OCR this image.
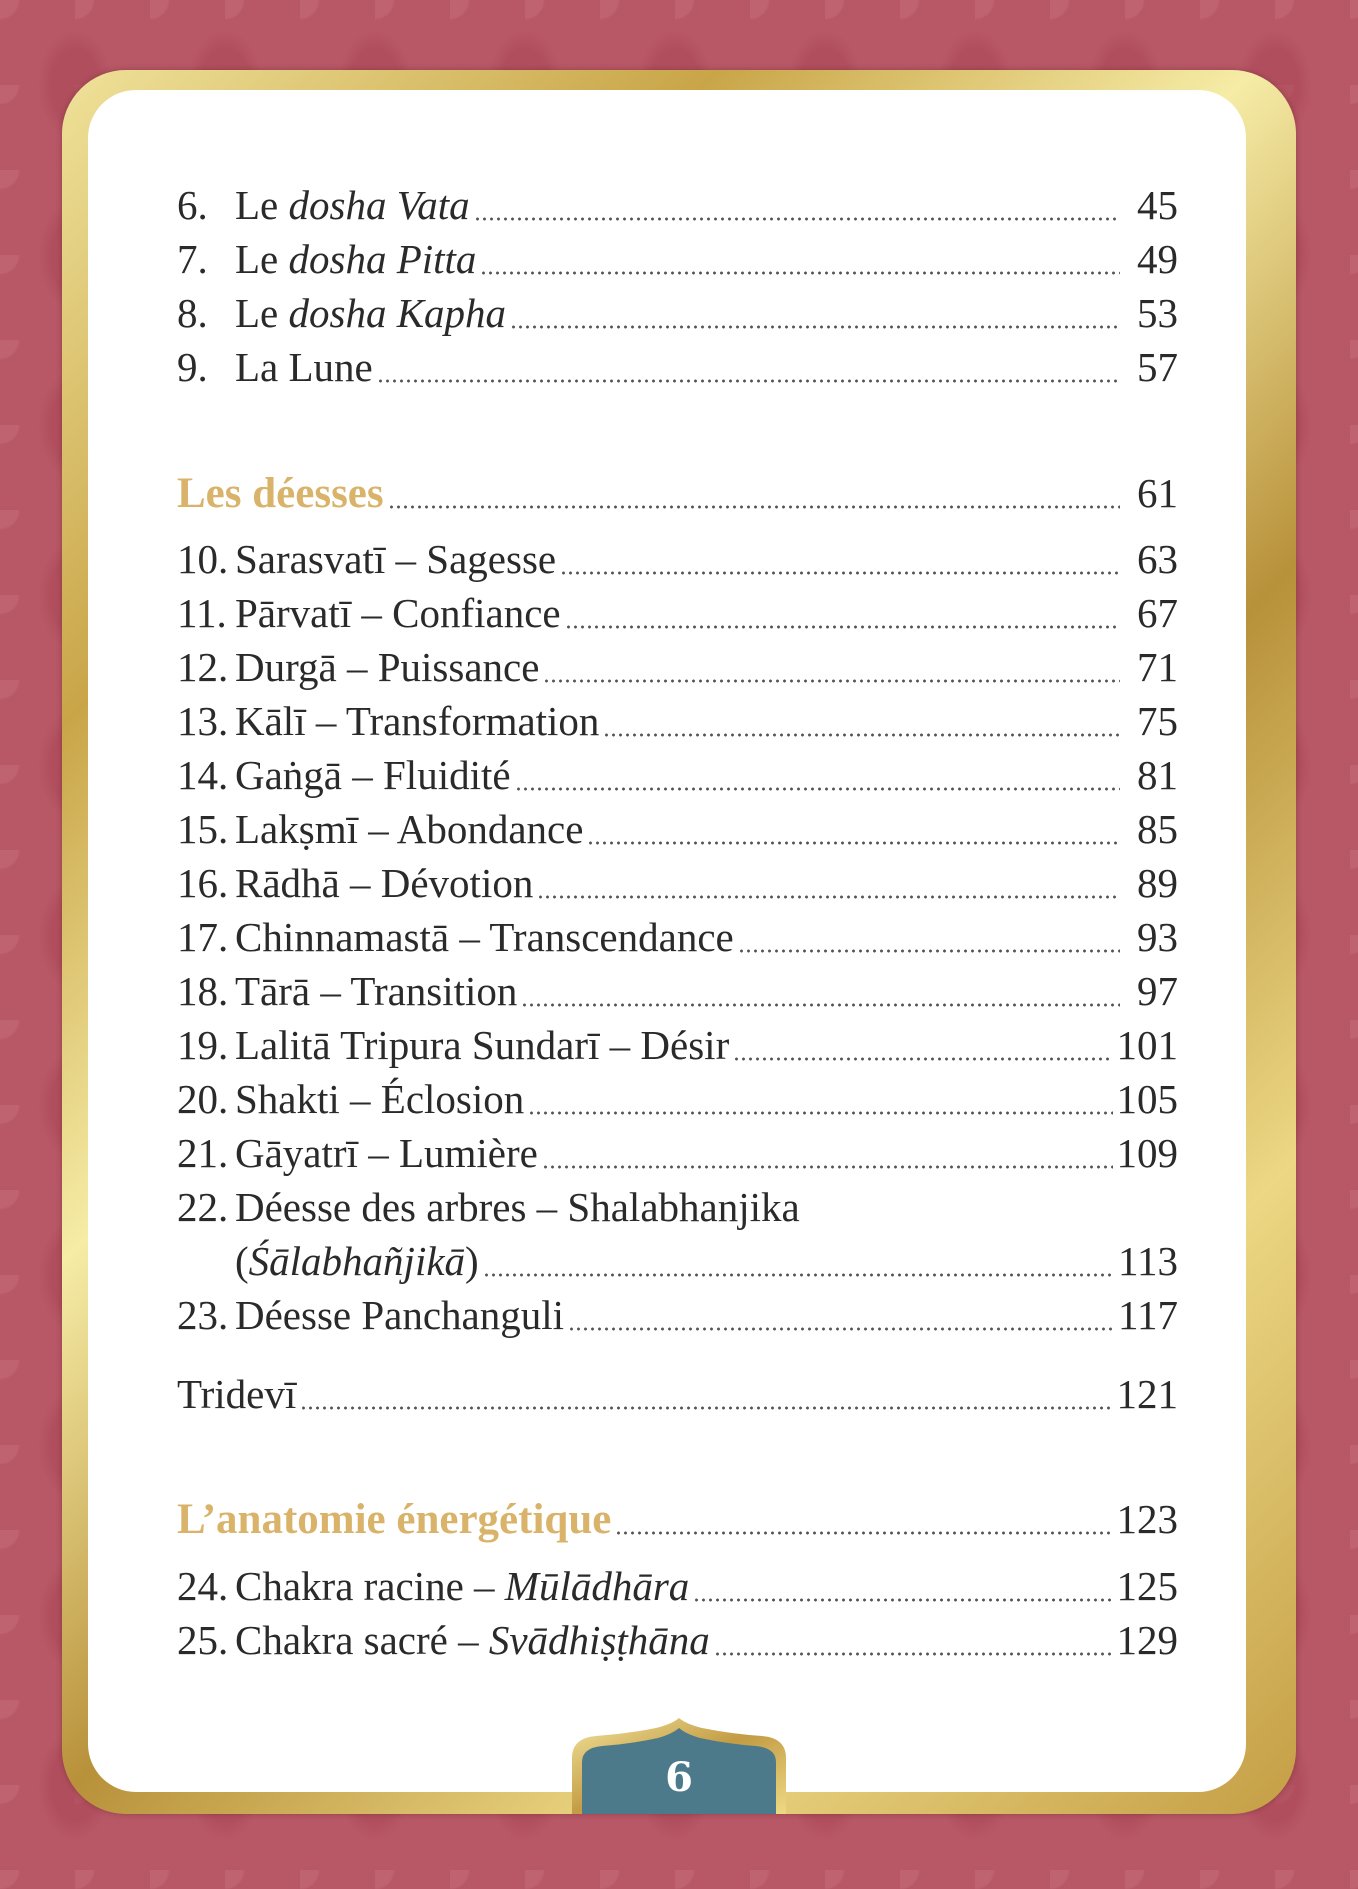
6. Le dosha Vata	45
7. Le dosha Pitta	49
8. Le dosha Kapha	53
9. La Lune	57
Les déesses	61
10. Sarasvatī – Sagesse	63
11. Pārvatī – Confiance	67
12. Durgā – Puissance	71
13. Kālī – Transformation	75
14. Gaṅgā – Fluidité	81
15. Lakṣmī – Abondance	85
16. Rādhā – Dévotion	89
17. Chinnamastā – Transcendance	93
18. Tārā – Transition	97
19. Lalitā Tripura Sundarī – Désir	101
20. Shakti – Éclosion	105
21. Gāyatrī – Lumière	109
22. Déesse des arbres – Shalabhanjika
(Śālabhañjikā)	113
23. Déesse Panchanguli	117
Tridevī	121
L’anatomie énergétique	123
24. Chakra racine – Mūlādhāra	125
25. Chakra sacré – Svādhiṣṭhāna	129
6
